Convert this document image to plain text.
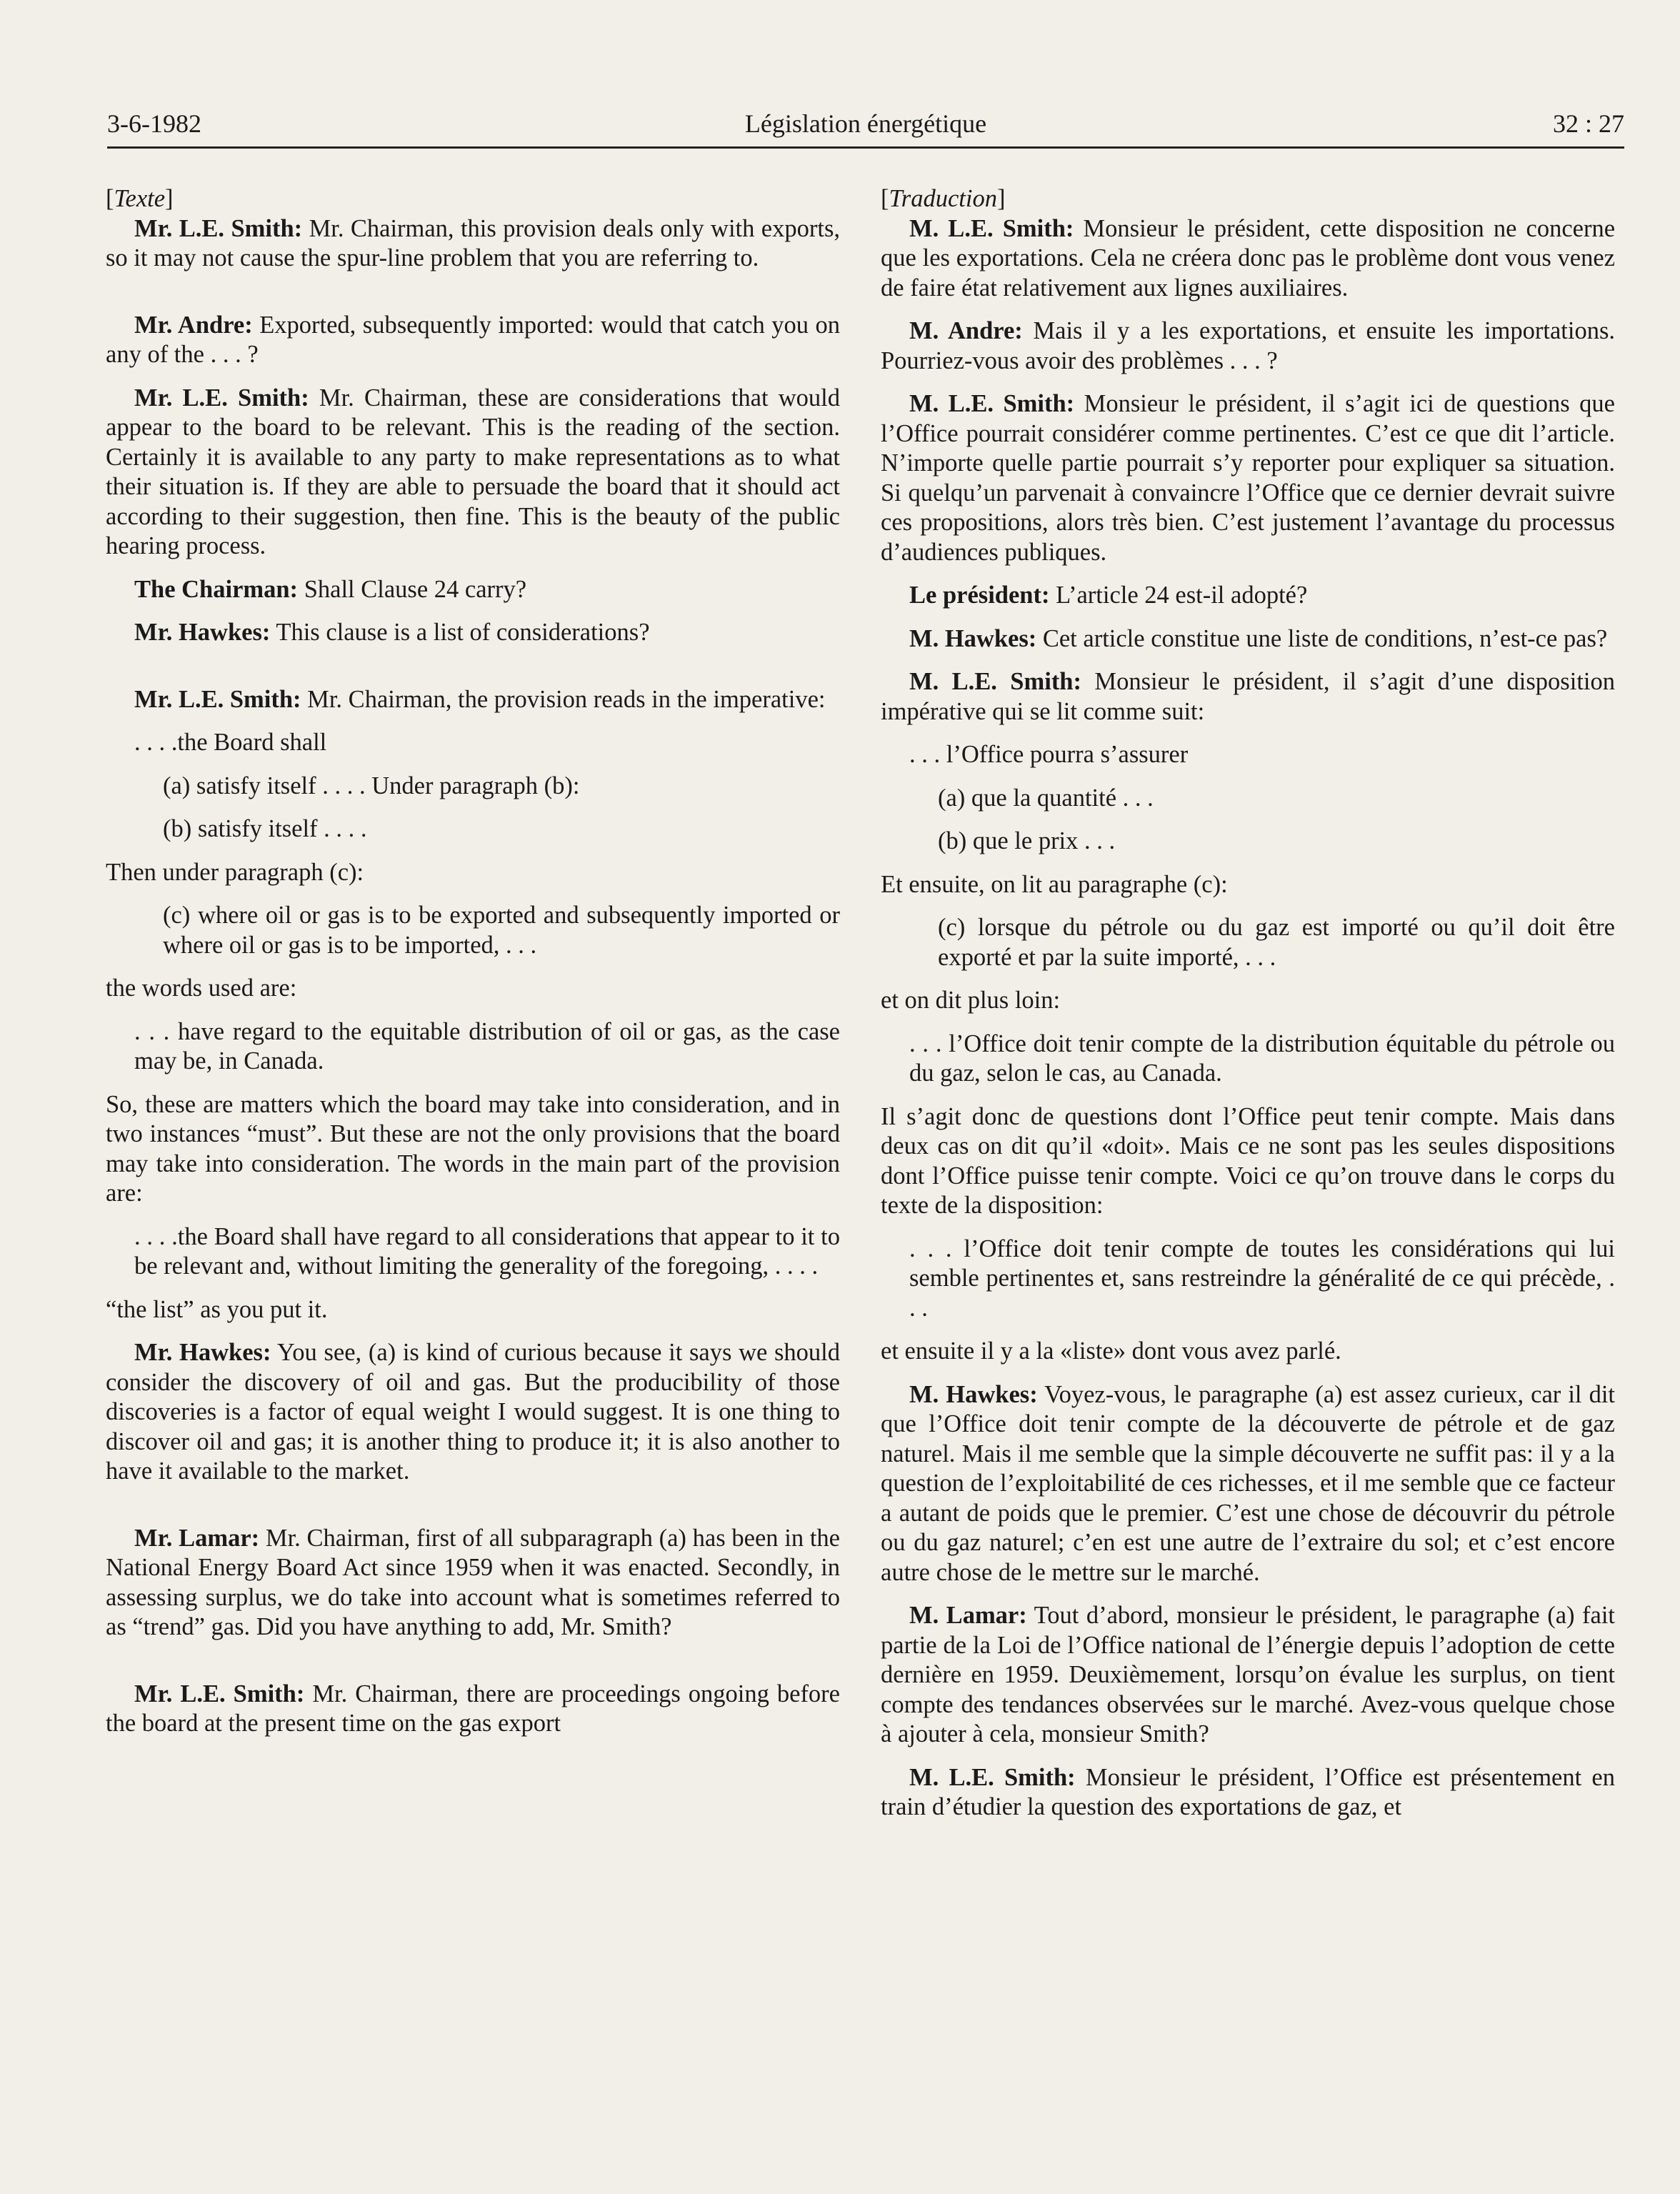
3-6-1982	Législation énergétique	32 : 27

[Texte]

Mr. L.E. Smith: Mr. Chairman, this provision deals only with exports, so it may not cause the spur-line problem that you are referring to.

Mr. Andre: Exported, subsequently imported: would that catch you on any of the . . . ?

Mr. L.E. Smith: Mr. Chairman, these are considerations that would appear to the board to be relevant. This is the reading of the section. Certainly it is available to any party to make representations as to what their situation is. If they are able to persuade the board that it should act according to their suggestion, then fine. This is the beauty of the public hearing process.

The Chairman: Shall Clause 24 carry?

Mr. Hawkes: This clause is a list of considerations?

Mr. L.E. Smith: Mr. Chairman, the provision reads in the imperative:

. . . .the Board shall

(a) satisfy itself . . . . Under paragraph (b):

(b) satisfy itself . . . .

Then under paragraph (c):

(c) where oil or gas is to be exported and subsequently imported or where oil or gas is to be imported, . . .

the words used are:

. . . have regard to the equitable distribution of oil or gas, as the case may be, in Canada.

So, these are matters which the board may take into consideration, and in two instances “must”. But these are not the only provisions that the board may take into consideration. The words in the main part of the provision are:

. . . .the Board shall have regard to all considerations that appear to it to be relevant and, without limiting the generality of the foregoing, . . . .

“the list” as you put it.

Mr. Hawkes: You see, (a) is kind of curious because it says we should consider the discovery of oil and gas. But the producibility of those discoveries is a factor of equal weight I would suggest. It is one thing to discover oil and gas; it is another thing to produce it; it is also another to have it available to the market.

Mr. Lamar: Mr. Chairman, first of all subparagraph (a) has been in the National Energy Board Act since 1959 when it was enacted. Secondly, in assessing surplus, we do take into account what is sometimes referred to as “trend” gas. Did you have anything to add, Mr. Smith?

Mr. L.E. Smith: Mr. Chairman, there are proceedings ongoing before the board at the present time on the gas export

[Traduction]

M. L.E. Smith: Monsieur le président, cette disposition ne concerne que les exportations. Cela ne créera donc pas le problème dont vous venez de faire état relativement aux lignes auxiliaires.

M. Andre: Mais il y a les exportations, et ensuite les importations. Pourriez-vous avoir des problèmes . . . ?

M. L.E. Smith: Monsieur le président, il s’agit ici de questions que l’Office pourrait considérer comme pertinentes. C’est ce que dit l’article. N’importe quelle partie pourrait s’y reporter pour expliquer sa situation. Si quelqu’un parvenait à convaincre l’Office que ce dernier devrait suivre ces propositions, alors très bien. C’est justement l’avantage du processus d’audiences publiques.

Le président: L’article 24 est-il adopté?

M. Hawkes: Cet article constitue une liste de conditions, n’est-ce pas?

M. L.E. Smith: Monsieur le président, il s’agit d’une disposition impérative qui se lit comme suit:

. . . l’Office pourra s’assurer

(a) que la quantité . . .

(b) que le prix . . .

Et ensuite, on lit au paragraphe (c):

(c) lorsque du pétrole ou du gaz est importé ou qu’il doit être exporté et par la suite importé, . . .

et on dit plus loin:

. . . l’Office doit tenir compte de la distribution équitable du pétrole ou du gaz, selon le cas, au Canada.

Il s’agit donc de questions dont l’Office peut tenir compte. Mais dans deux cas on dit qu’il «doit». Mais ce ne sont pas les seules dispositions dont l’Office puisse tenir compte. Voici ce qu’on trouve dans le corps du texte de la disposition:

. . . l’Office doit tenir compte de toutes les considérations qui lui semble pertinentes et, sans restreindre la généralité de ce qui précède, . . .

et ensuite il y a la «liste» dont vous avez parlé.

M. Hawkes: Voyez-vous, le paragraphe (a) est assez curieux, car il dit que l’Office doit tenir compte de la découverte de pétrole et de gaz naturel. Mais il me semble que la simple découverte ne suffit pas: il y a la question de l’exploitabilité de ces richesses, et il me semble que ce facteur a autant de poids que le premier. C’est une chose de découvrir du pétrole ou du gaz naturel; c’en est une autre de l’extraire du sol; et c’est encore autre chose de le mettre sur le marché.

M. Lamar: Tout d’abord, monsieur le président, le paragraphe (a) fait partie de la Loi de l’Office national de l’énergie depuis l’adoption de cette dernière en 1959. Deuxièmement, lorsqu’on évalue les surplus, on tient compte des tendances observées sur le marché. Avez-vous quelque chose à ajouter à cela, monsieur Smith?

M. L.E. Smith: Monsieur le président, l’Office est présentement en train d’étudier la question des exportations de gaz, et
